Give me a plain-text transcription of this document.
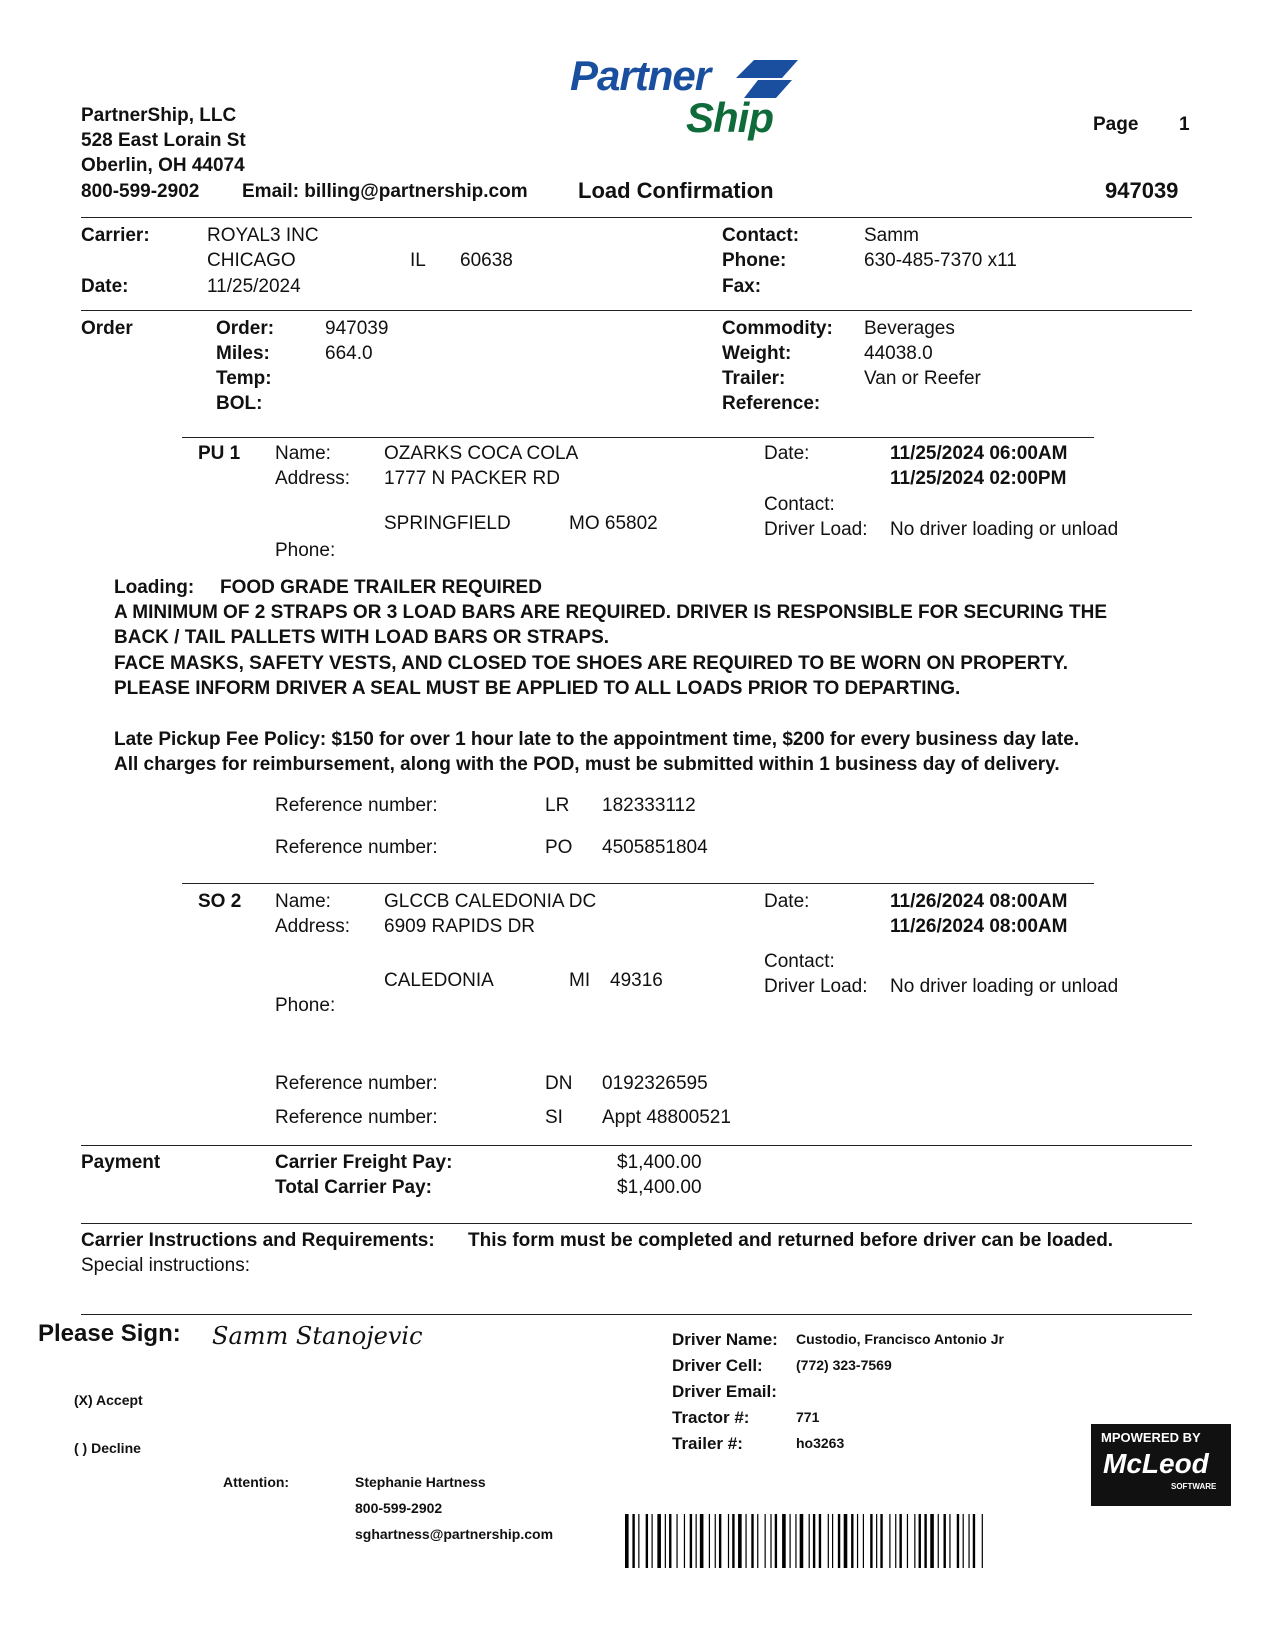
Partner
Ship
PartnerShip, LLC
528 East Lorain St
Oberlin, OH 44074
800-599-2902 Email: billing@partnership.com Load Confirmation
Page 1
947039
Carrier:	ROYAL3 INC
CHICAGO	IL 60638
Date:	11/25/2024
Contact:	Samm
Phone:	630-485-7370 x11
Fax:
Order	Order:	947039
Miles:	664.0
Temp:
BOL:
Commodity: Beverages
Weight:	44038.0
Trailer:	Van or Reefer
Reference:
PU 1 Name:	OZARKS COCA COLA
Address: 1777 N PACKER RD
SPRINGFIELD	MO 65802
Phone:
Date:	11/25/2024 06:00AM
11/25/2024 02:00PM
Contact:
Driver Load: No driver loading or unload
Loading: FOOD GRADE TRAILER REQUIRED
A MINIMUM OF 2 STRAPS OR 3 LOAD BARS ARE REQUIRED. DRIVER IS RESPONSIBLE FOR SECURING THE
BACK / TAIL PALLETS WITH LOAD BARS OR STRAPS.
FACE MASKS, SAFETY VESTS, AND CLOSED TOE SHOES ARE REQUIRED TO BE WORN ON PROPERTY.
PLEASE INFORM DRIVER A SEAL MUST BE APPLIED TO ALL LOADS PRIOR TO DEPARTING.
Late Pickup Fee Policy: $150 for over 1 hour late to the appointment time, $200 for every business day late.
All charges for reimbursement, along with the POD, must be submitted within 1 business day of delivery.
Reference number:	LR 182333112
Reference number:	PO 4505851804
SO 2 Name:	GLCCB CALEDONIA DC
Address: 6909 RAPIDS DR
CALEDONIA	MI 49316
Phone:
Date:	11/26/2024 08:00AM
11/26/2024 08:00AM
Contact:
Driver Load: No driver loading or unload
Reference number:	DN 0192326595
Reference number:	SI Appt 48800521
Payment	Carrier Freight Pay:	$1,400.00
Total Carrier Pay:	$1,400.00
Carrier Instructions and Requirements: This form must be completed and returned before driver can be loaded.
Special instructions:
Please Sign: Samm Stanojevic
(X) Accept
( ) Decline
Attention:	Stephanie Hartness
800-599-2902
sghartness@partnership.com
Driver Name: Custodio, Francisco Antonio Jr
Driver Cell: (772) 323-7569
Driver Email:
Tractor #:	771
Trailer #:	ho3263	MPOWERED BY
McLeod
SOFTWARE
